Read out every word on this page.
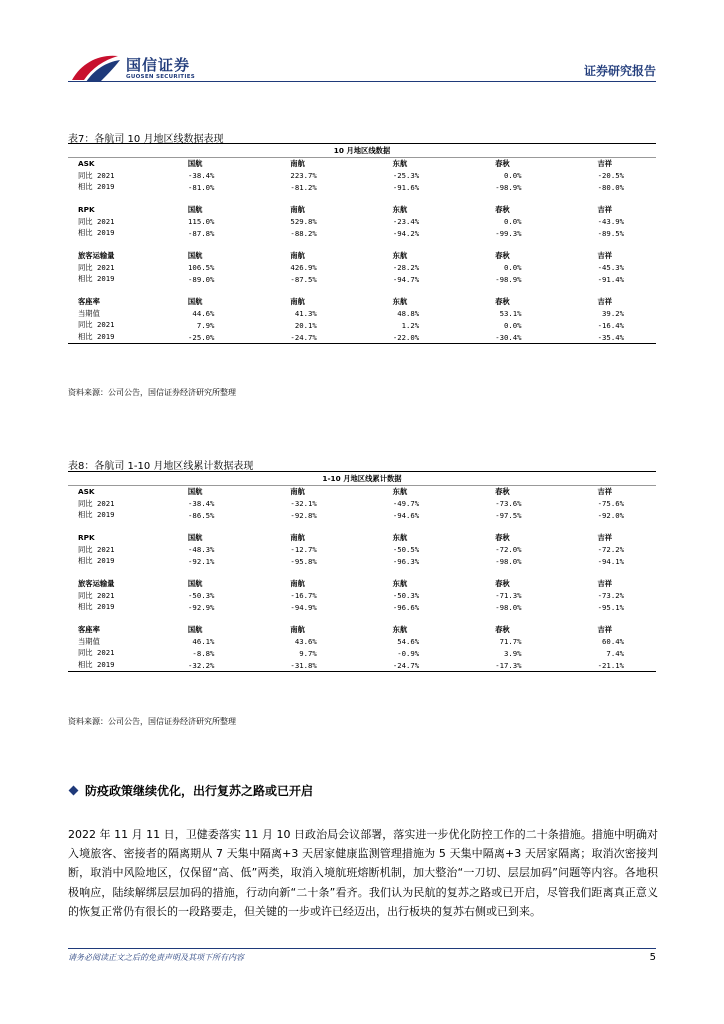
国信证券
GUOSEN SECURITIES	证券研究报告
表7：各航司 10 月地区线数据表现
10 月地区线数据					
ASK	国航	南航	东航	春秋	吉祥
同比 2021	-38.4%	223.7%	-25.3%	0.0%	-20.5%
相比 2019	-81.0%	-81.2%	-91.6%	-98.9%	-80.0%

RPK	国航	南航	东航	春秋	吉祥
同比 2021	115.0%	529.8%	-23.4%	0.0%	-43.9%
相比 2019	-87.8%	-88.2%	-94.2%	-99.3%	-89.5%

旅客运输量	国航	南航	东航	春秋	吉祥
同比 2021	106.5%	426.9%	-28.2%	0.0%	-45.3%
相比 2019	-89.0%	-87.5%	-94.7%	-98.9%	-91.4%

客座率	国航	南航	东航	春秋	吉祥
当期值	44.6%	41.3%	48.8%	53.1%	39.2%
同比 2021	7.9%	20.1%	1.2%	0.0%	-16.4%
相比 2019	-25.0%	-24.7%	-22.0%	-30.4%	-35.4%
资料来源：公司公告，国信证券经济研究所整理
表8：各航司 1-10 月地区线累计数据表现
1-10 月地区线累计数据					
ASK	国航	南航	东航	春秋	吉祥
同比 2021	-38.4%	-32.1%	-49.7%	-73.6%	-75.6%
相比 2019	-86.5%	-92.8%	-94.6%	-97.5%	-92.0%

RPK	国航	南航	东航	春秋	吉祥
同比 2021	-48.3%	-12.7%	-50.5%	-72.0%	-72.2%
相比 2019	-92.1%	-95.8%	-96.3%	-98.0%	-94.1%

旅客运输量	国航	南航	东航	春秋	吉祥
同比 2021	-50.3%	-16.7%	-50.3%	-71.3%	-73.2%
相比 2019	-92.9%	-94.9%	-96.6%	-98.0%	-95.1%

客座率	国航	南航	东航	春秋	吉祥
当期值	46.1%	43.6%	54.6%	71.7%	60.4%
同比 2021	-8.8%	9.7%	-0.9%	3.9%	7.4%
相比 2019	-32.2%	-31.8%	-24.7%	-17.3%	-21.1%
资料来源：公司公告，国信证券经济研究所整理
防疫政策继续优化，出行复苏之路或已开启
2022 年 11 月 11 日，卫健委落实 11 月 10 日政治局会议部署，落实进一步优化防控工作的二十条措施。措施中明确对入境旅客、密接者的隔离期从 7 天集中隔离+3 天居家健康监测管理措施为 5 天集中隔离+3 天居家隔离；取消次密接判断，取消中风险地区，仅保留“高、低”两类，取消入境航班熔断机制，加大整治“一刀切、层层加码”问题等内容。各地积极响应，陆续解绑层层加码的措施，行动向新“二十条”看齐。我们认为民航的复苏之路或已开启，尽管我们距离真正意义的恢复正常仍有很长的一段路要走，但关键的一步或许已经迈出，出行板块的复苏右侧或已到来。
请务必阅读正文之后的免责声明及其项下所有内容	5
